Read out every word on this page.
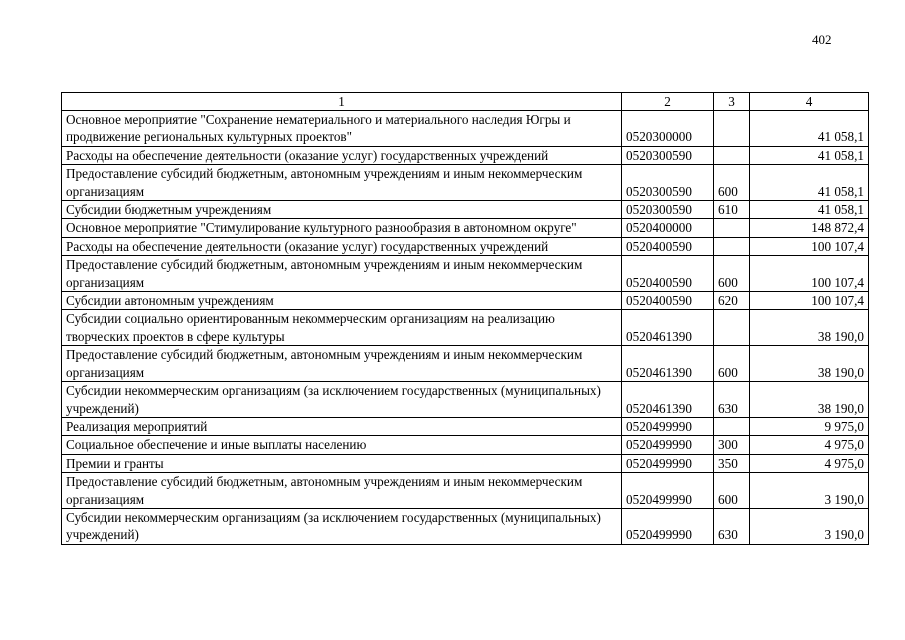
402
1	2	3	4
Основное мероприятие "Сохранение нематериального и материального наследия Югры и продвижение региональных культурных проектов"	0520300000		41 058,1
Расходы на обеспечение деятельности (оказание услуг) государственных учреждений	0520300590		41 058,1
Предоставление субсидий бюджетным, автономным учреждениям и иным некоммерческим организациям	0520300590	600	41 058,1
Субсидии бюджетным учреждениям	0520300590	610	41 058,1
Основное мероприятие "Стимулирование культурного разнообразия в автономном округе"	0520400000		148 872,4
Расходы на обеспечение деятельности (оказание услуг) государственных учреждений	0520400590		100 107,4
Предоставление субсидий бюджетным, автономным учреждениям и иным некоммерческим организациям	0520400590	600	100 107,4
Субсидии автономным учреждениям	0520400590	620	100 107,4
Субсидии социально ориентированным некоммерческим организациям на реализацию творческих проектов в сфере культуры	0520461390		38 190,0
Предоставление субсидий бюджетным, автономным учреждениям и иным некоммерческим организациям	0520461390	600	38 190,0
Субсидии некоммерческим организациям (за исключением государственных (муниципальных) учреждений)	0520461390	630	38 190,0
Реализация мероприятий	0520499990		9 975,0
Социальное обеспечение и иные выплаты населению	0520499990	300	4 975,0
Премии и гранты	0520499990	350	4 975,0
Предоставление субсидий бюджетным, автономным учреждениям и иным некоммерческим организациям	0520499990	600	3 190,0
Субсидии некоммерческим организациям (за исключением государственных (муниципальных) учреждений)	0520499990	630	3 190,0
